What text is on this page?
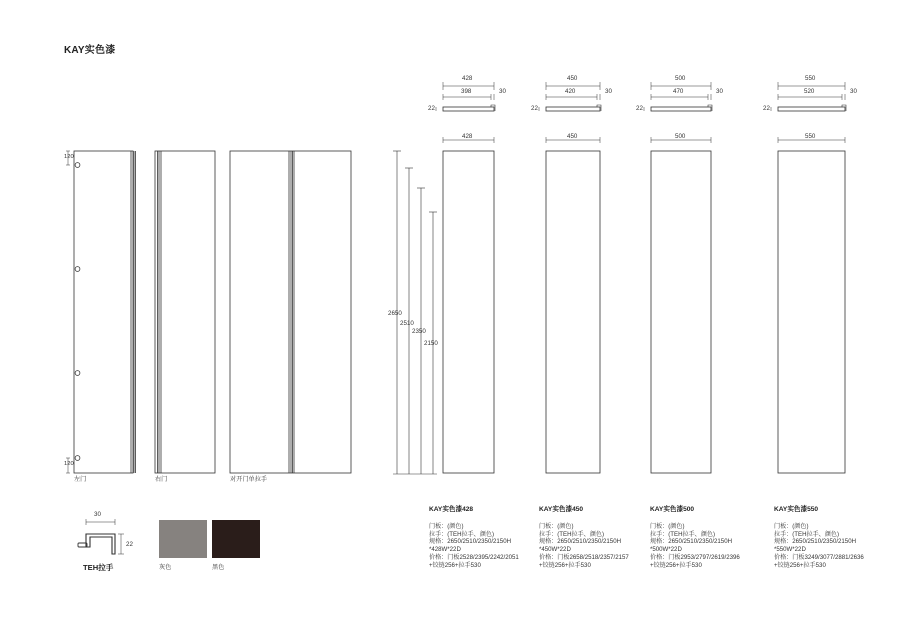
KAY实色漆
左门	右门	对开门单拉手
120
120
2650
2510
2350
2150
428
398	30
22
428
450
420	30
22
450
500
470	30
22
500
550
520	30
22
550
KAY实色漆428
门板：(颜色)
拉手：(TEH拉手、颜色)
规格：2650/2510/2350/2150H
*428W*22D
价格：门板2528/2395/2242/2051
+铰链256+拉手530
KAY实色漆450
门板：(颜色)
拉手：(TEH拉手、颜色)
规格：2650/2510/2350/2150H
*450W*22D
价格：门板2658/2518/2357/2157
+铰链256+拉手530
KAY实色漆500
门板：(颜色)
拉手：(TEH拉手、颜色)
规格：2650/2510/2350/2150H
*500W*22D
价格：门板2953/2797/2619/2396
+铰链256+拉手530
KAY实色漆550
门板：(颜色)
拉手：(TEH拉手、颜色)
规格：2650/2510/2350/2150H
*550W*22D
价格：门板3249/3077/2881/2636
+铰链256+拉手530
30
22
TEH拉手	灰色	黑色
